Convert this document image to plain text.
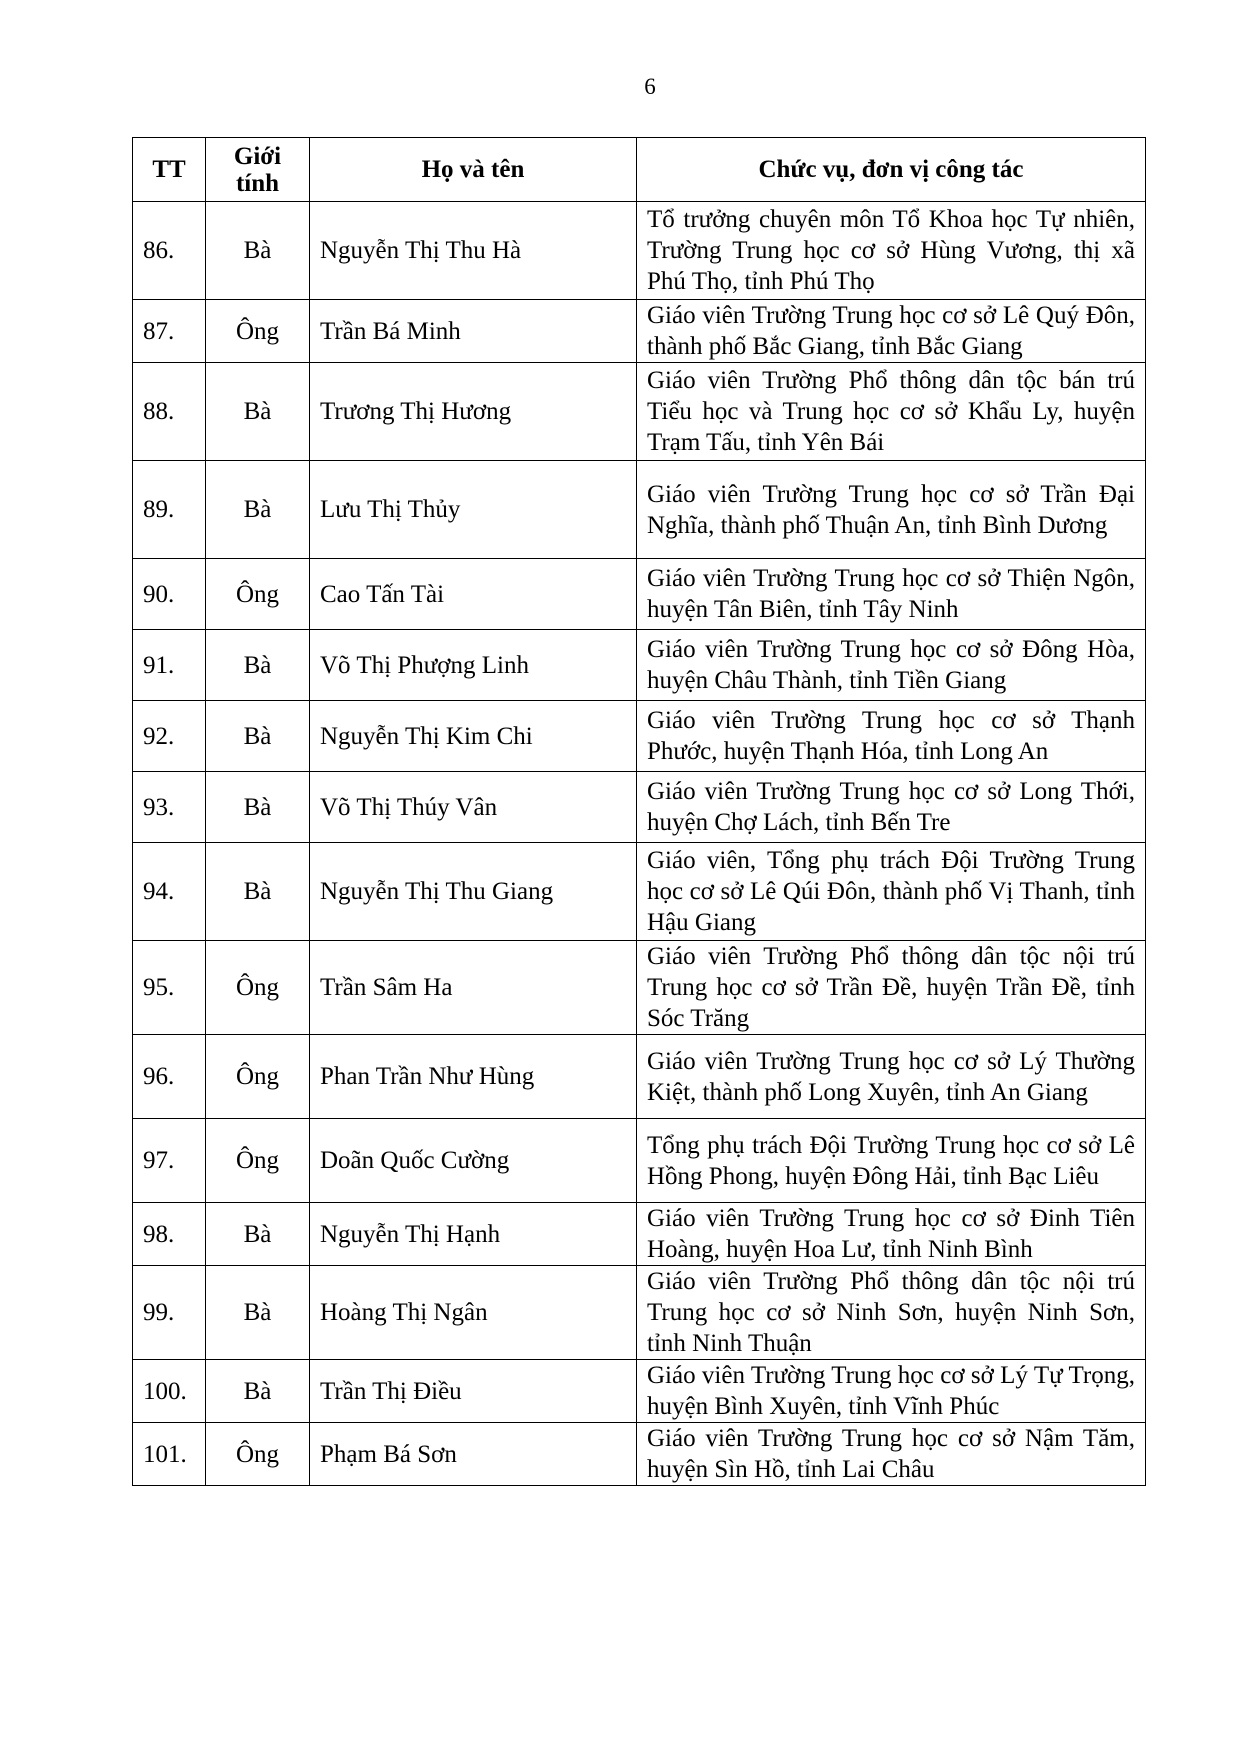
6
TT	Giới tính	Họ và tên	Chức vụ, đơn vị công tác
86.	Bà	Nguyễn Thị Thu Hà	Tổ trưởng chuyên môn Tổ Khoa học Tự nhiên, Trường Trung học cơ sở Hùng Vương, thị xã Phú Thọ, tỉnh Phú Thọ
87.	Ông	Trần Bá Minh	Giáo viên Trường Trung học cơ sở Lê Quý Đôn, thành phố Bắc Giang, tỉnh Bắc Giang
88.	Bà	Trương Thị Hương	Giáo viên Trường Phổ thông dân tộc bán trú Tiểu học và Trung học cơ sở Khẩu Ly, huyện Trạm Tấu, tỉnh Yên Bái
89.	Bà	Lưu Thị Thủy	Giáo viên Trường Trung học cơ sở Trần Đại Nghĩa, thành phố Thuận An, tỉnh Bình Dương
90.	Ông	Cao Tấn Tài	Giáo viên Trường Trung học cơ sở Thiện Ngôn, huyện Tân Biên, tỉnh Tây Ninh
91.	Bà	Võ Thị Phượng Linh	Giáo viên Trường Trung học cơ sở Đông Hòa, huyện Châu Thành, tỉnh Tiền Giang
92.	Bà	Nguyễn Thị Kim Chi	Giáo viên Trường Trung học cơ sở Thạnh Phước, huyện Thạnh Hóa, tỉnh Long An
93.	Bà	Võ Thị Thúy Vân	Giáo viên Trường Trung học cơ sở Long Thới, huyện Chợ Lách, tỉnh Bến Tre
94.	Bà	Nguyễn Thị Thu Giang	Giáo viên, Tổng phụ trách Đội Trường Trung học cơ sở Lê Qúi Đôn, thành phố Vị Thanh, tỉnh Hậu Giang
95.	Ông	Trần Sâm Ha	Giáo viên Trường Phổ thông dân tộc nội trú Trung học cơ sở Trần Đề, huyện Trần Đề, tỉnh Sóc Trăng
96.	Ông	Phan Trần Như Hùng	Giáo viên Trường Trung học cơ sở Lý Thường Kiệt, thành phố Long Xuyên, tỉnh An Giang
97.	Ông	Doãn Quốc Cường	Tổng phụ trách Đội Trường Trung học cơ sở Lê Hồng Phong, huyện Đông Hải, tỉnh Bạc Liêu
98.	Bà	Nguyễn Thị Hạnh	Giáo viên Trường Trung học cơ sở Đinh Tiên Hoàng, huyện Hoa Lư, tỉnh Ninh Bình
99.	Bà	Hoàng Thị Ngân	Giáo viên Trường Phổ thông dân tộc nội trú Trung học cơ sở Ninh Sơn, huyện Ninh Sơn, tỉnh Ninh Thuận
100.	Bà	Trần Thị Điều	Giáo viên Trường Trung học cơ sở Lý Tự Trọng, huyện Bình Xuyên, tỉnh Vĩnh Phúc
101.	Ông	Phạm Bá Sơn	Giáo viên Trường Trung học cơ sở Nậm Tăm, huyện Sìn Hồ, tỉnh Lai Châu
